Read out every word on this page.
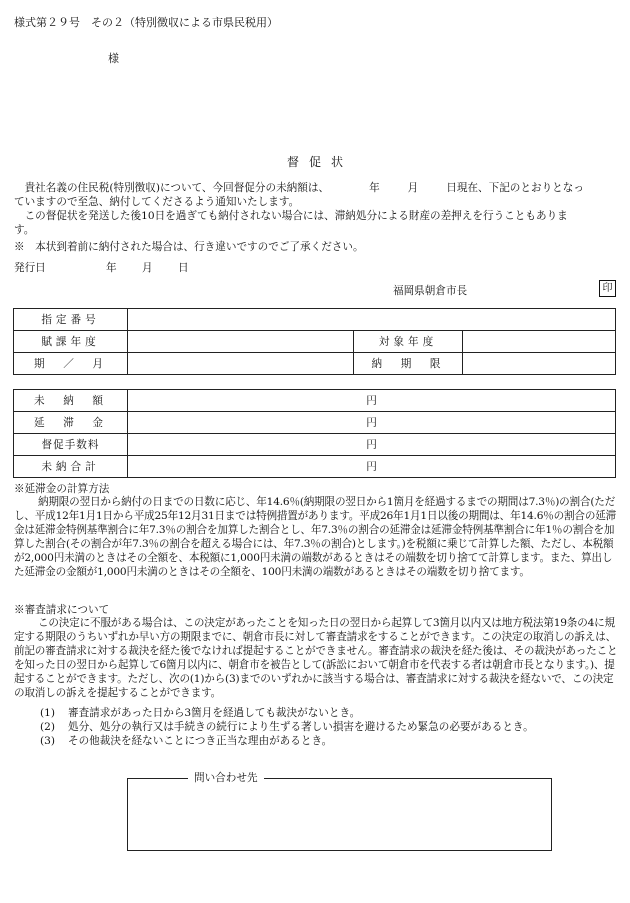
様式第２９号　その２（特別徴収による市県民税用）
様
督促状
　貴社名義の住民税(特別徴収)について、今回督促分の未納額は、	年	月	日現在、下記のとおりとなっ
ていますので至急、納付してくださるよう通知いたします。
　この督促状を発送した後10日を過ぎても納付されない場合には、滞納処分による財産の差押えを行うこともありま
す。
※　本状到着前に納付された場合は、行き違いですのでご了承ください。
発行日	年 月 日
福岡県朝倉市長	印
指定番号			
賦課年度		対象年度	
期　／　月		納　期　限	
未　納　額	円
延　滞　金	円
督促手数料	円
未納合計	円
※延滞金の計算方法
納期限の翌日から納付の日までの日数に応じ、年14.6％(納期限の翌日から1箇月を経過するまでの期間は7.3％)の割合(ただし、平成12年1月1日から平成25年12月31日までは特例措置があります。平成26年1月1日以後の期間は、年14.6％の割合の延滞金は延滞金特例基準割合に年7.3％の割合を加算した割合とし、年7.3％の割合の延滞金は延滞金特例基準割合に年1％の割合を加算した割合(その割合が年7.3％の割合を超える場合には、年7.3％の割合)とします。)を税額に乗じて計算した額、ただし、本税額が2,000円未満のときはその全額を、本税額に1,000円未満の端数があるときはその端数を切り捨てて計算します。また、算出した延滞金の金額が1,000円未満のときはその全額を、100円未満の端数があるときはその端数を切り捨てます。
※審査請求について
この決定に不服がある場合は、この決定があったことを知った日の翌日から起算して3箇月以内又は地方税法第19条の4に規定する期限のうちいずれか早い方の期限までに、朝倉市長に対して審査請求をすることができます。この決定の取消しの訴えは、前記の審査請求に対する裁決を経た後でなければ提起することができません。審査請求の裁決を経た後は、その裁決があったことを知った日の翌日から起算して6箇月以内に、朝倉市を被告として(訴訟において朝倉市を代表する者は朝倉市長となります。)、提起することができます。ただし、次の(1)から(3)までのいずれかに該当する場合は、審査請求に対する裁決を経ないで、この決定の取消しの訴えを提起することができます。
(1) 審査請求があった日から3箇月を経過しても裁決がないとき。
(2) 処分、処分の執行又は手続きの続行により生ずる著しい損害を避けるため緊急の必要があるとき。
(3) その他裁決を経ないことにつき正当な理由があるとき。
問い合わせ先
